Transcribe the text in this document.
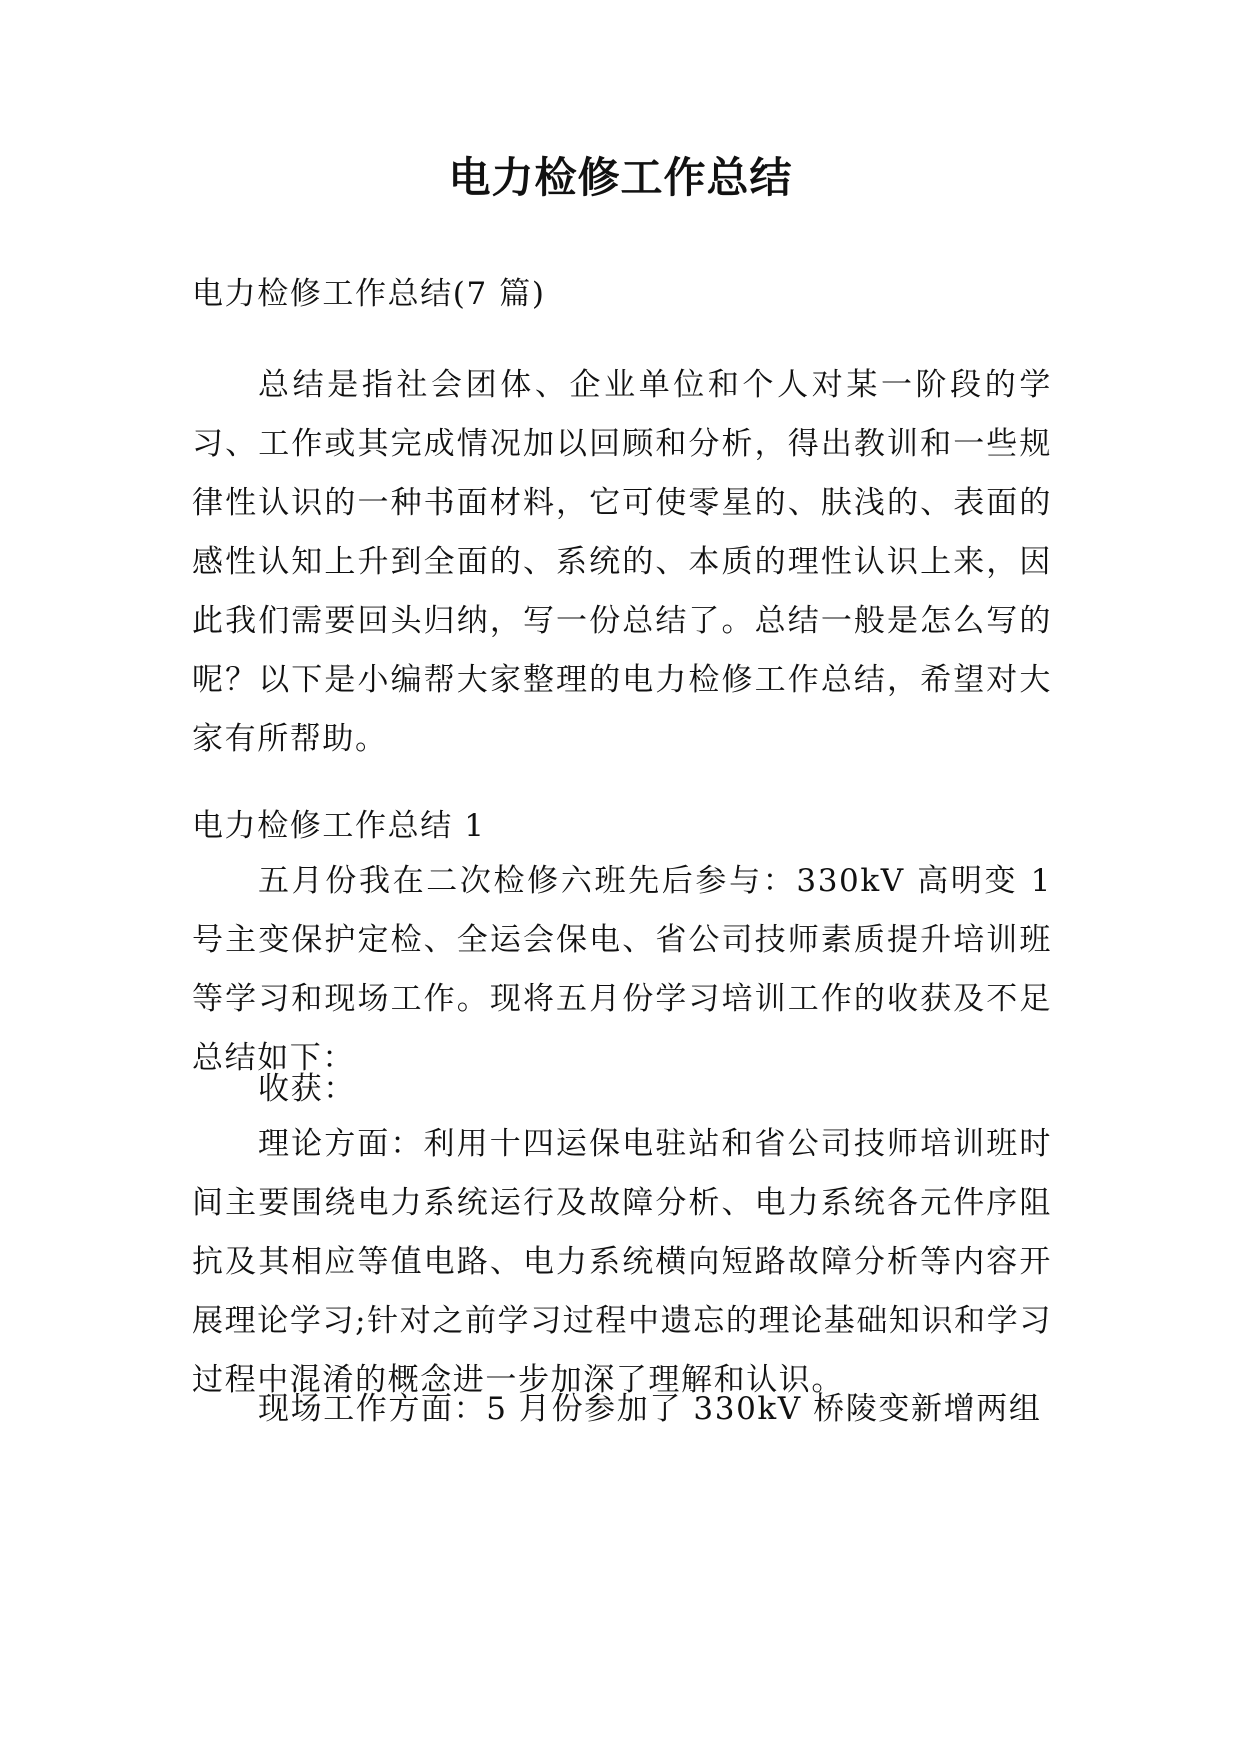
电力检修工作总结

电力检修工作总结(7 篇)

总结是指社会团体、企业单位和个人对某一阶段的学习、工作或其完成情况加以回顾和分析，得出教训和一些规律性认识的一种书面材料，它可使零星的、肤浅的、表面的感性认知上升到全面的、系统的、本质的理性认识上来，因此我们需要回头归纳，写一份总结了。总结一般是怎么写的呢？以下是小编帮大家整理的电力检修工作总结，希望对大家有所帮助。

电力检修工作总结 1

五月份我在二次检修六班先后参与：330kV 高明变 1 号主变保护定检、全运会保电、省公司技师素质提升培训班等学习和现场工作。现将五月份学习培训工作的收获及不足总结如下：

收获：

理论方面：利用十四运保电驻站和省公司技师培训班时间主要围绕电力系统运行及故障分析、电力系统各元件序阻抗及其相应等值电路、电力系统横向短路故障分析等内容开展理论学习;针对之前学习过程中遗忘的理论基础知识和学习过程中混淆的概念进一步加深了理解和认识。

现场工作方面：5 月份参加了 330kV 桥陵变新增两组
